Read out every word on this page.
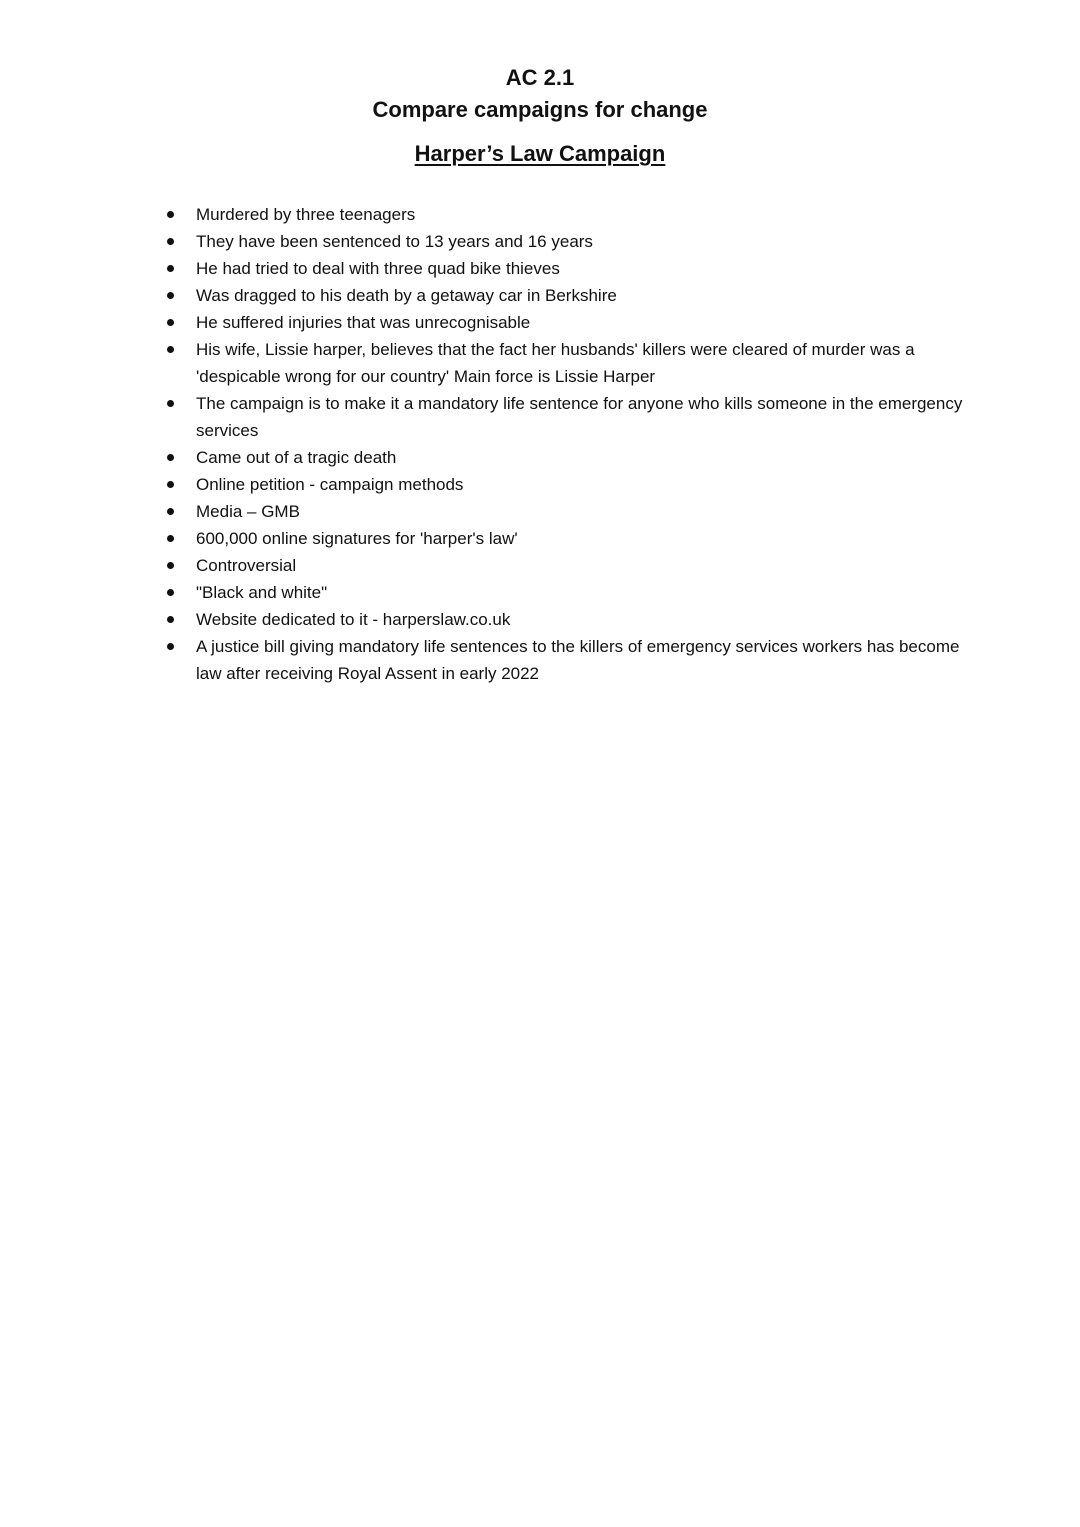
AC 2.1
Compare campaigns for change
Harper’s Law Campaign
Murdered by three teenagers
They have been sentenced to 13 years and 16 years
He had tried to deal with three quad bike thieves
Was dragged to his death by a getaway car in Berkshire
He suffered injuries that was unrecognisable
His wife, Lissie harper, believes that the fact her husbands' killers were cleared of murder was a 'despicable wrong for our country' Main force is Lissie Harper
The campaign is to make it a mandatory life sentence for anyone who kills someone in the emergency services
Came out of a tragic death
Online petition - campaign methods
Media – GMB
600,000 online signatures for 'harper's law'
Controversial
"Black and white"
Website dedicated to it - harperslaw.co.uk
A justice bill giving mandatory life sentences to the killers of emergency services workers has become law after receiving Royal Assent in early 2022
